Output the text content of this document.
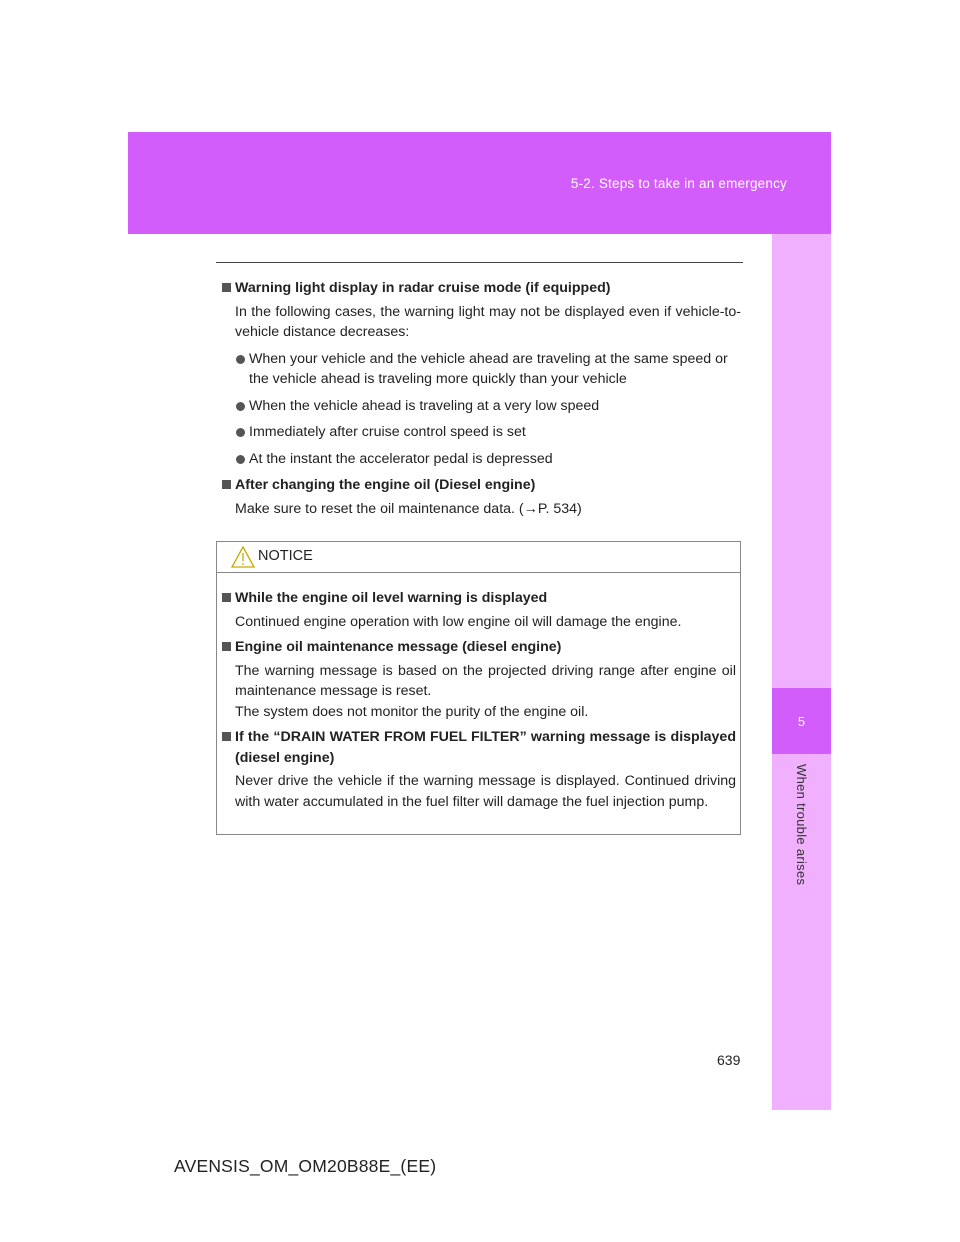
5-2. Steps to take in an emergency
5
When trouble arises

Warning light display in radar cruise mode (if equipped)

In the following cases, the warning light may not be displayed even if vehicle-to-vehicle distance decreases:

When your vehicle and the vehicle ahead are traveling at the same speed or the vehicle ahead is traveling more quickly than your vehicle
When the vehicle ahead is traveling at a very low speed
Immediately after cruise control speed is set
At the instant the accelerator pedal is depressed

After changing the engine oil (Diesel engine)

Make sure to reset the oil maintenance data. (→P. 534)

NOTICE

While the engine oil level warning is displayed

Continued engine operation with low engine oil will damage the engine.

Engine oil maintenance message (diesel engine)

The warning message is based on the projected driving range after engine oil maintenance message is reset.

The system does not monitor the purity of the engine oil.

If the “DRAIN WATER FROM FUEL FILTER” warning message is displayed (diesel engine)

Never drive the vehicle if the warning message is displayed. Continued driving with water accumulated in the fuel filter will damage the fuel injection pump.

639
AVENSIS_OM_OM20B88E_(EE)
